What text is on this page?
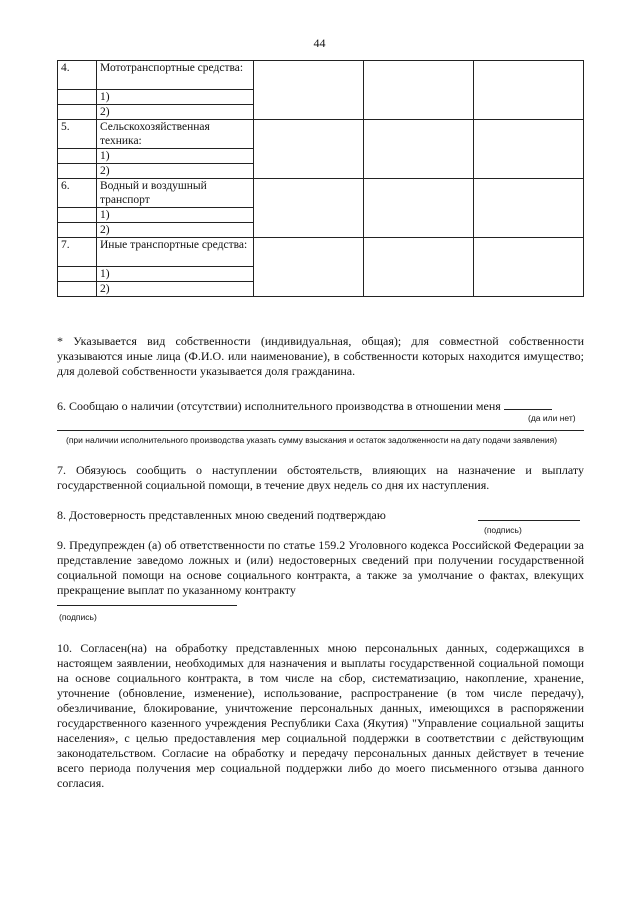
44
4.	Мототранспортные средства:			
	1)			
	2)			
5.	Сельскохозяйственная техника:			
	1)			
	2)			
6.	Водный и воздушный транспорт			
	1)			
	2)			
7.	Иные транспортные средства:			
	1)			
	2)			
* Указывается вид собственности (индивидуальная, общая); для совместной собственности указываются иные лица (Ф.И.О. или наименование), в собственности которых находится имущество; для долевой собственности указывается доля гражданина.
6. Сообщаю о наличии (отсутствии) исполнительного производства в отношении меня
(да или нет)
(при наличии исполнительного производства указать сумму взыскания и остаток задолженности на дату подачи заявления)
7. Обязуюсь сообщить о наступлении обстоятельств, влияющих на назначение и выплату государственной социальной помощи, в течение двух недель со дня их наступления.
8. Достоверность представленных мною сведений подтверждаю
(подпись)
9. Предупрежден (а) об ответственности по статье 159.2 Уголовного кодекса Российской Федерации за представление заведомо ложных и (или) недостоверных сведений при получении государственной социальной помощи на основе социального контракта, а также за умолчание о фактах, влекущих прекращение выплат по указанному контракту
(подпись)
10. Согласен(на) на обработку представленных мною персональных данных, содержащихся в настоящем заявлении, необходимых для назначения и выплаты государственной социальной помощи на основе социального контракта, в том числе на сбор, систематизацию, накопление, хранение, уточнение (обновление, изменение), использование, распространение (в том числе передачу), обезличивание, блокирование, уничтожение персональных данных, имеющихся в распоряжении государственного казенного учреждения Республики Саха (Якутия) "Управление социальной защиты населения», с целью предоставления мер социальной поддержки в соответствии с действующим законодательством. Согласие на обработку и передачу персональных данных действует в течение всего периода получения мер социальной поддержки либо до моего письменного отзыва данного согласия.
